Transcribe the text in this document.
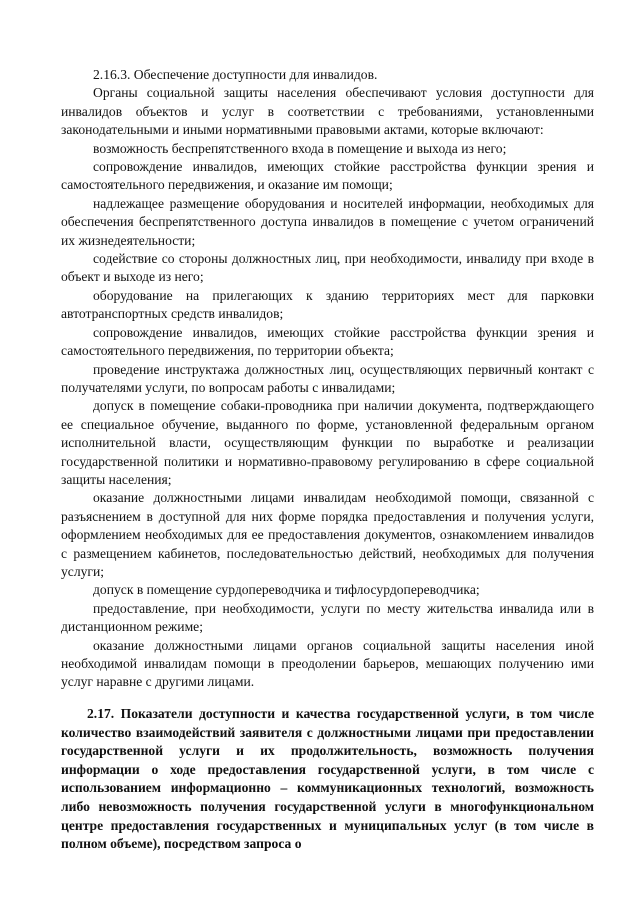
2.16.3. Обеспечение доступности для инвалидов.

Органы социальной защиты населения обеспечивают условия доступности для инвалидов объектов и услуг в соответствии с требованиями, установленными законодательными и иными нормативными правовыми актами, которые включают:

возможность беспрепятственного входа в помещение и выхода из него;

сопровождение инвалидов, имеющих стойкие расстройства функции зрения и самостоятельного передвижения, и оказание им помощи;

надлежащее размещение оборудования и носителей информации, необходимых для обеспечения беспрепятственного доступа инвалидов в помещение с учетом ограничений их жизнедеятельности;

содействие со стороны должностных лиц, при необходимости, инвалиду при входе в объект и выходе из него;

оборудование на прилегающих к зданию территориях мест для парковки автотранспортных средств инвалидов;

сопровождение инвалидов, имеющих стойкие расстройства функции зрения и самостоятельного передвижения, по территории объекта;

проведение инструктажа должностных лиц, осуществляющих первичный контакт с получателями услуги, по вопросам работы с инвалидами;

допуск в помещение собаки-проводника при наличии документа, подтверждающего ее специальное обучение, выданного по форме, установленной федеральным органом исполнительной власти, осуществляющим функции по выработке и реализации государственной политики и нормативно-правовому регулированию в сфере социальной защиты населения;

оказание должностными лицами инвалидам необходимой помощи, связанной с разъяснением в доступной для них форме порядка предоставления и получения услуги, оформлением необходимых для ее предоставления документов, ознакомлением инвалидов с размещением кабинетов, последовательностью действий, необходимых для получения услуги;

допуск в помещение сурдопереводчика и тифлосурдопереводчика;

предоставление, при необходимости, услуги по месту жительства инвалида или в дистанционном режиме;

оказание должностными лицами органов социальной защиты населения иной необходимой инвалидам помощи в преодолении барьеров, мешающих получению ими услуг наравне с другими лицами.

2.17. Показатели доступности и качества государственной услуги, в том числе количество взаимодействий заявителя с должностными лицами при предоставлении государственной услуги и их продолжительность, возможность получения информации о ходе предоставления государственной услуги, в том числе с использованием информационно – коммуникационных технологий, возможность либо невозможность получения государственной услуги в многофункциональном центре предоставления государственных и муниципальных услуг (в том числе в полном объеме), посредством запроса о
